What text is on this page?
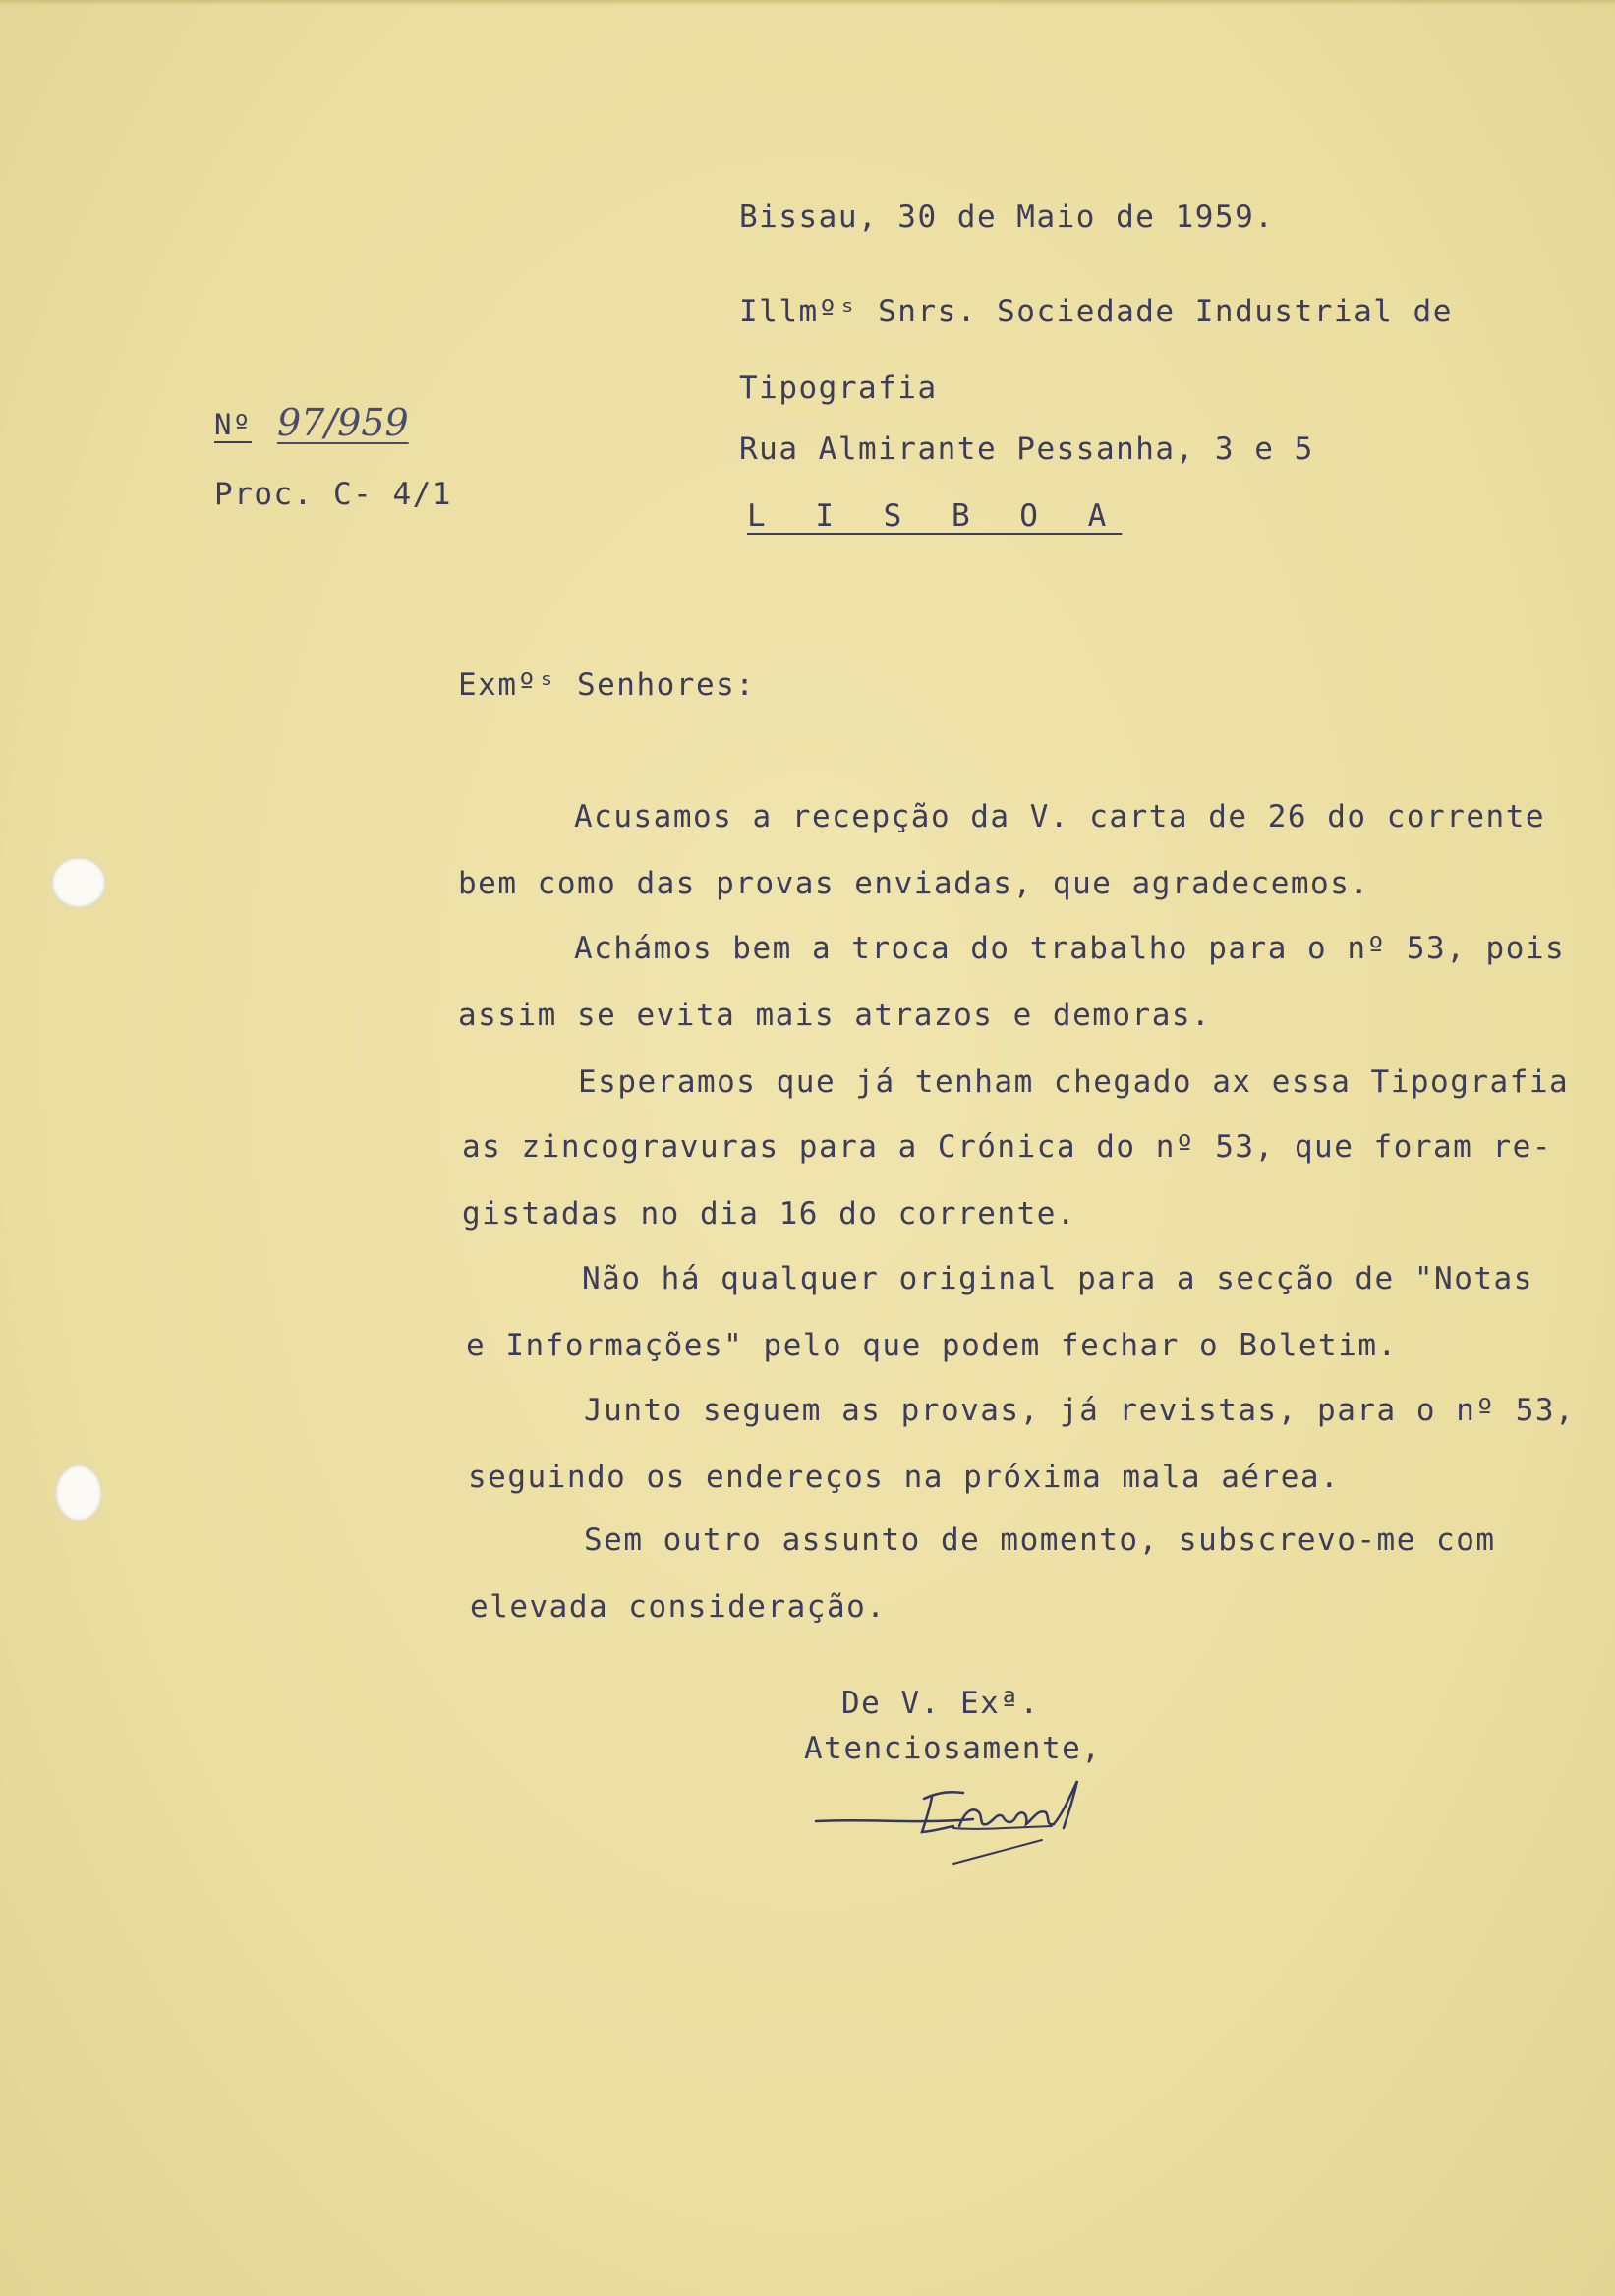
Bissau, 30 de Maio de 1959.
Illmºˢ Snrs. Sociedade Industrial de
Tipografia
Rua Almirante Pessanha, 3 e 5
L I S B O A
Nº 97/959
Proc. C- 4/1
Exmºˢ Senhores:
Acusamos a recepção da V. carta de 26 do corrente
bem como das provas enviadas, que agradecemos.
Achámos bem a troca do trabalho para o nº 53, pois
assim se evita mais atrazos e demoras.
Esperamos que já tenham chegado ax essa Tipografia
as zincogravuras para a Crónica do nº 53, que foram re-
gistadas no dia 16 do corrente.
Não há qualquer original para a secção de "Notas
e Informações" pelo que podem fechar o Boletim.
Junto seguem as provas, já revistas, para o nº 53,
seguindo os endereços na próxima mala aérea.
Sem outro assunto de momento, subscrevo-me com
elevada consideração.
De V. Exª.
Atenciosamente,
